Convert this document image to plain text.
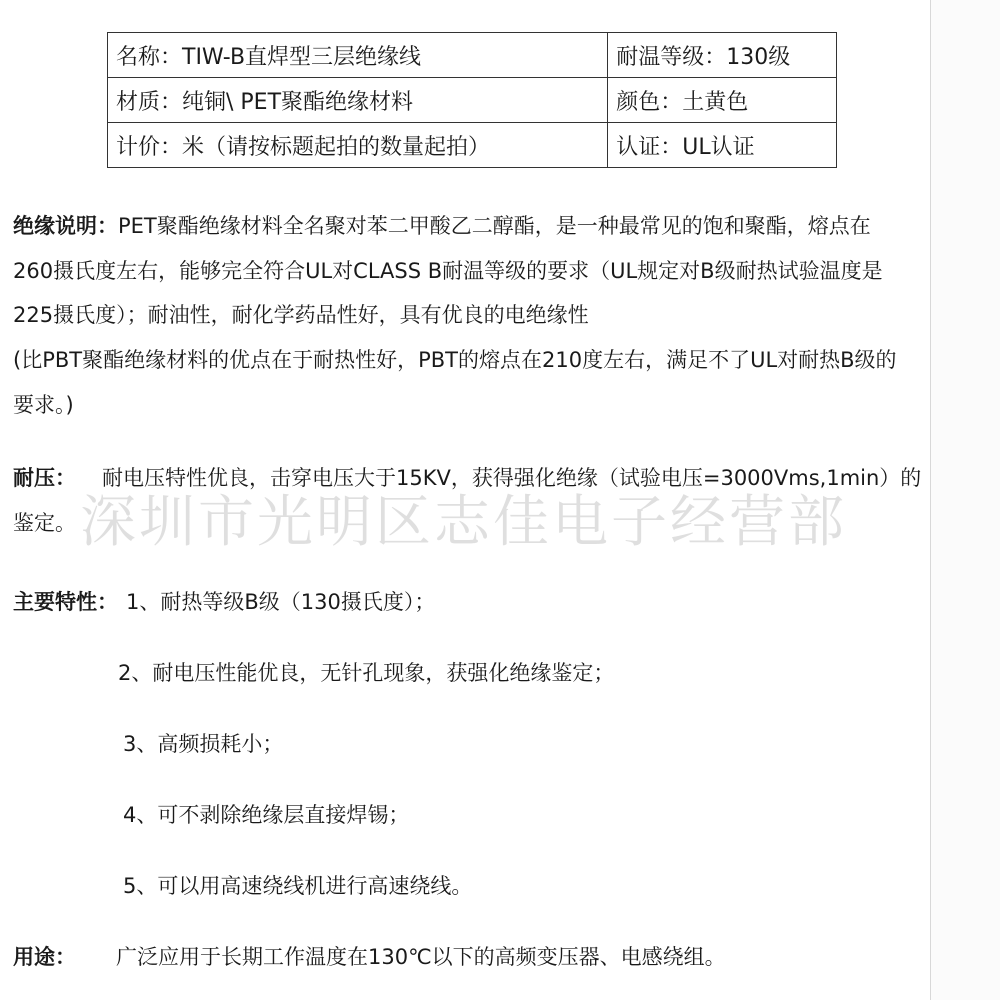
名称：TIW-B直焊型三层绝缘线	耐温等级：130级
材质：纯铜\ PET聚酯绝缘材料	颜色：土黄色
计价：米（请按标题起拍的数量起拍）	认证：UL认证
绝缘说明：PET聚酯绝缘材料全名聚对苯二甲酸乙二醇酯，是一种最常见的饱和聚酯，熔点在
260摄氏度左右，能够完全符合UL对CLASS B耐温等级的要求（UL规定对B级耐热试验温度是
225摄氏度）；耐油性，耐化学药品性好，具有优良的电绝缘性
(比PBT聚酯绝缘材料的优点在于耐热性好，PBT的熔点在210度左右，满足不了UL对耐热B级的
要求。)
耐压： 耐电压特性优良，击穿电压大于15KV，获得强化绝缘（试验电压=3000Vms,1min）的
鉴定。
主要特性： 1、耐热等级B级（130摄氏度）；
2、耐电压性能优良，无针孔现象，获强化绝缘鉴定；
3、高频损耗小；
4、可不剥除绝缘层直接焊锡；
5、可以用高速绕线机进行高速绕线。
用途： 广泛应用于长期工作温度在130℃以下的高频变压器、电感绕组。
深圳市光明区志佳电子经营部
